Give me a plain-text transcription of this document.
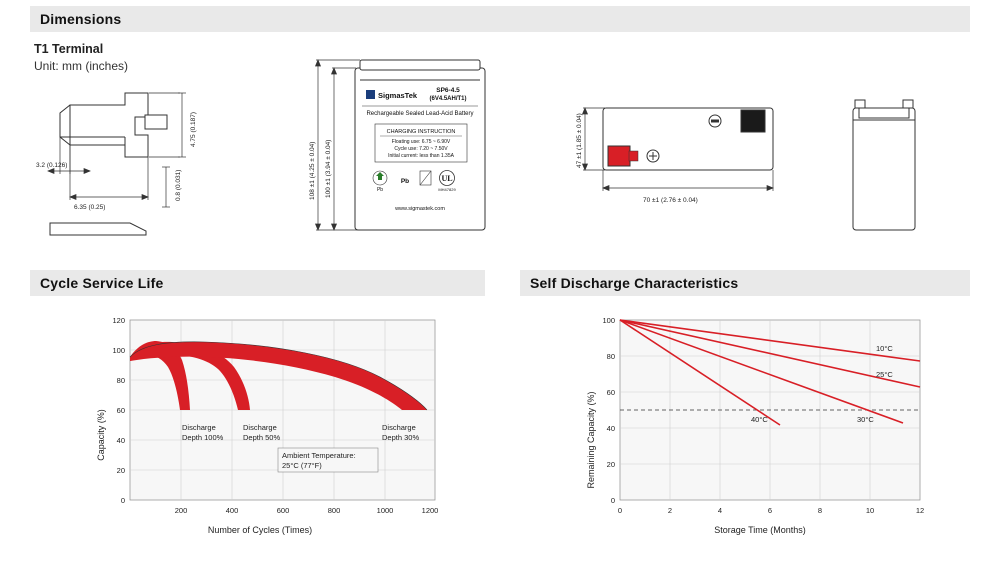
Dimensions
T1 Terminal
Unit: mm (inches)
4.75 (0.187)
3.2 (0.126)
6.35 (0.25)
0.8 (0.031)
SigmasTek
SP6-4.5
(6V4.5AH/T1)
Rechargeable Sealed Lead-Acid Battery
CHARGING INSTRUCTION
Floating use: 6.75 ~ 6.90V
Cycle use: 7.20 ~ 7.50V
Initial current: less than 1.35A
Pb
Pb	UL
MH47829
www.sigmastek.com
108 ±1 (4.25 ± 0.04) 100 ±1 (3.94 ± 0.04)	47 ±1 (1.85 ± 0.04)
70 ±1 (2.76 ± 0.04)
Cycle Service Life
120
100
80
60
40
20
0
200	400	600	800	1000	1200
Discharge
Depth 100%
Discharge
Depth 50%
Discharge
Depth 30%
Ambient Temperature:
25°C (77°F)
Capacity (%)
Number of Cycles (Times)
Self Discharge Characteristics
100
80
60
40
20
0
0	2	4	6	8	10	12
10°C
25°C
30°C
40°C
Remaining Capacity (%)
Storage Time (Months)
